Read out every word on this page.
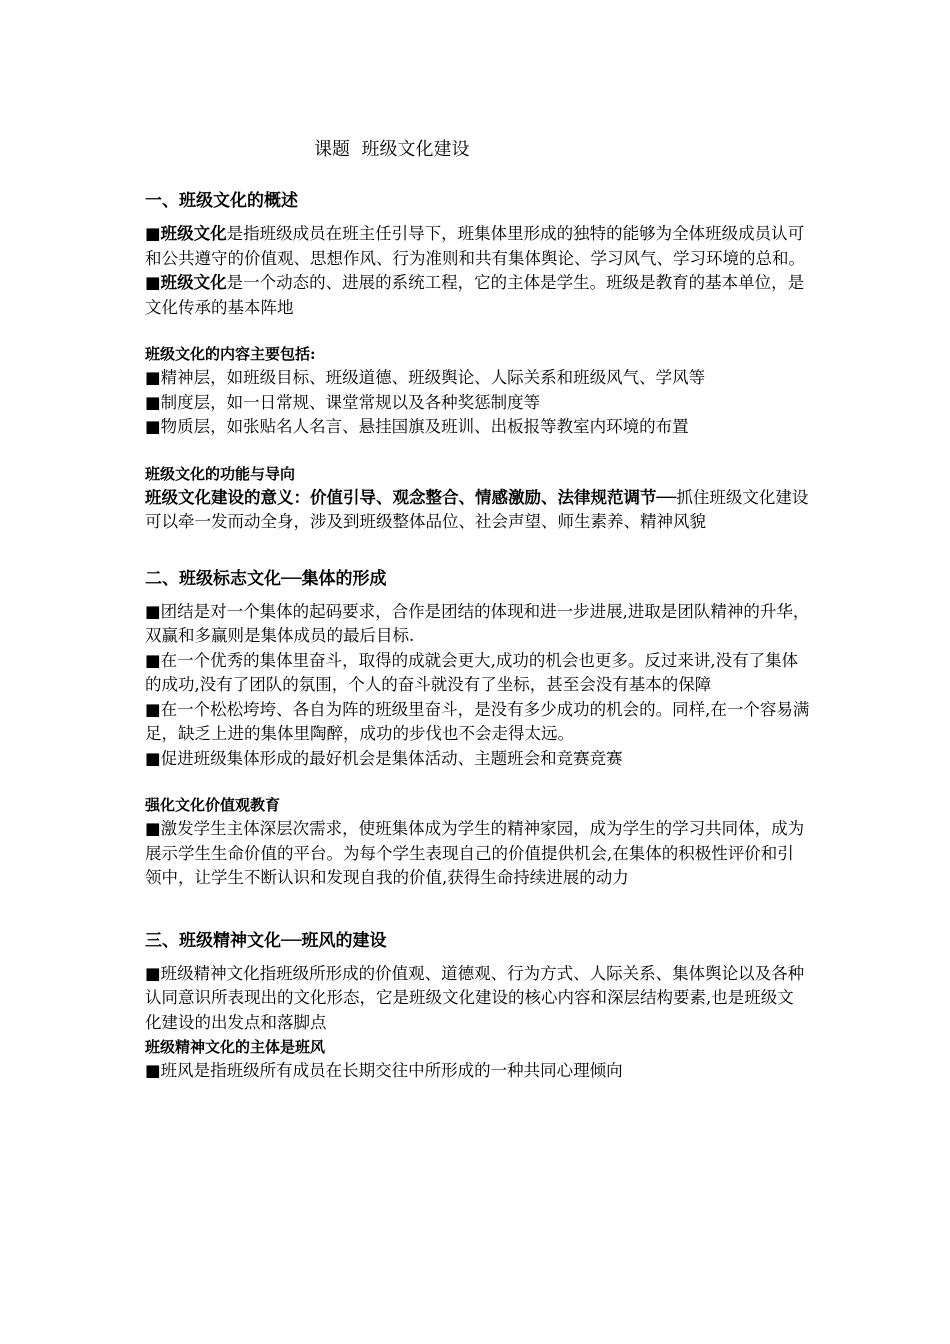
课题  班级文化建设
一、班级文化的概述

■班级文化是指班级成员在班主任引导下，班集体里形成的独特的能够为全体班级成员认可和公共遵守的价值观、思想作风、行为准则和共有集体舆论、学习风气、学习环境的总和。

■班级文化是一个动态的、进展的系统工程，它的主体是学生。班级是教育的基本单位，是文化传承的基本阵地

班级文化的内容主要包括:

■精神层，如班级目标、班级道德、班级舆论、人际关系和班级风气、学风等

■制度层，如一日常规、课堂常规以及各种奖惩制度等

■物质层，如张贴名人名言、悬挂国旗及班训、出板报等教室内环境的布置

班级文化的功能与导向

班级文化建设的意义：价值引导、观念整合、情感激励、法律规范调节──抓住班级文化建设可以牵一发而动全身，涉及到班级整体品位、社会声望、师生素养、精神风貌

二、班级标志文化──集体的形成

■团结是对一个集体的起码要求，合作是团结的体现和进一步进展,进取是团队精神的升华，双赢和多赢则是集体成员的最后目标.

■在一个优秀的集体里奋斗，取得的成就会更大,成功的机会也更多。反过来讲,没有了集体的成功,没有了团队的氛围，个人的奋斗就没有了坐标，甚至会没有基本的保障

■在一个松松垮垮、各自为阵的班级里奋斗，是没有多少成功的机会的。同样,在一个容易满足，缺乏上进的集体里陶醉，成功的步伐也不会走得太远。

■促进班级集体形成的最好机会是集体活动、主题班会和竞赛竞赛

强化文化价值观教育

■激发学生主体深层次需求，使班集体成为学生的精神家园，成为学生的学习共同体，成为展示学生生命价值的平台。为每个学生表现自己的价值提供机会,在集体的积极性评价和引领中，让学生不断认识和发现自我的价值,获得生命持续进展的动力

三、班级精神文化──班风的建设

■班级精神文化指班级所形成的价值观、道德观、行为方式、人际关系、集体舆论以及各种认同意识所表现出的文化形态，它是班级文化建设的核心内容和深层结构要素,也是班级文化建设的出发点和落脚点

班级精神文化的主体是班风

■班风是指班级所有成员在长期交往中所形成的一种共同心理倾向
